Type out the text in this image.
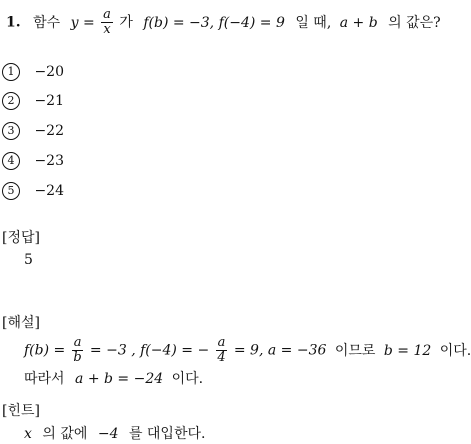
1. 함수 $y = \frac{a}{x}$ 가 f(b) = −3, f(−4) = 9 일 때, a + b 의 값은?
1 −20
2 −21
3 −22
4 −23
5 −24
[정답]
5
[해설]
$f(b) = \frac{a}{b} = -3$ , f(−4) = − $\frac{a}{4} = 9$, a = −36 이므로 b = 12 이다.
따라서 a + b = −24 이다.
[힌트]
x 의 값에 −4 를 대입한다.
